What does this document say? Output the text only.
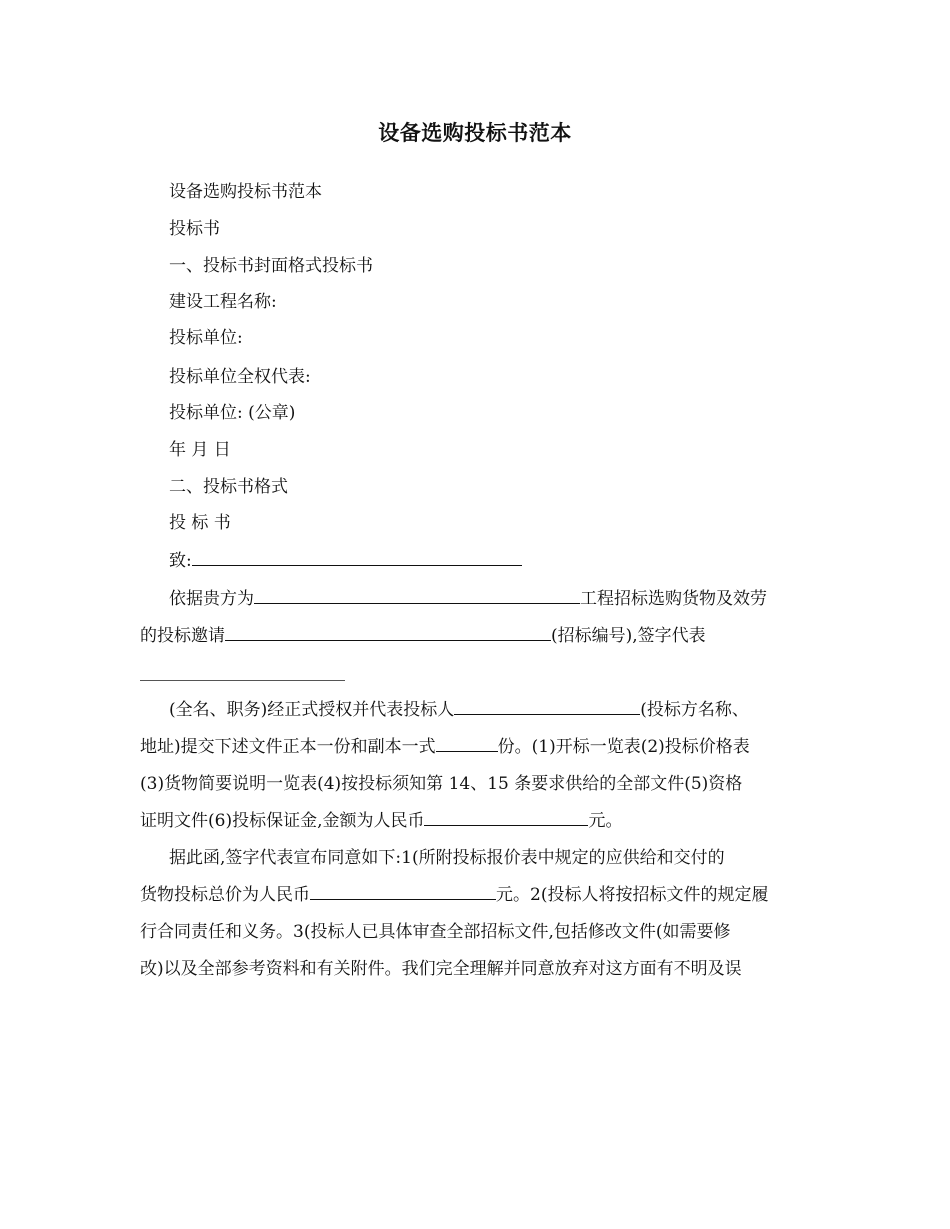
设备选购投标书范本
设备选购投标书范本
投标书
一、投标书封面格式投标书
建设工程名称:
投标单位:
投标单位全权代表:
投标单位: (公章)
年 月 日
二、投标书格式
投 标 书
致:

依据贵方为	工程招标选购货物及效劳

的投标邀请	(招标编号),签字代表

(全名、职务)经正式授权并代表投标人	(投标方名称、

地址)提交下述文件正本一份和副本一式	份。(1)开标一览表(2)投标价格表

(3)货物简要说明一览表(4)按投标须知第 14、15 条要求供给的全部文件(5)资格

证明文件(6)投标保证金,金额为人民币	元。

据此函,签字代表宣布同意如下:1(所附投标报价表中规定的应供给和交付的

货物投标总价为人民币	元。2(投标人将按招标文件的规定履

行合同责任和义务。3(投标人已具体审查全部招标文件,包括修改文件(如需要修

改)以及全部参考资料和有关附件。我们完全理解并同意放弃对这方面有不明及误
